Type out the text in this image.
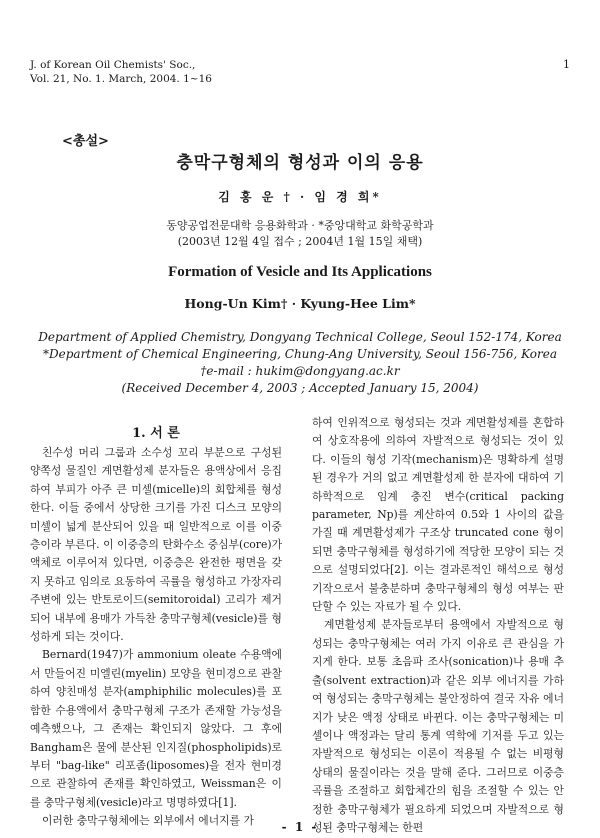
J. of Korean Oil Chemists' Soc.,
Vol. 21, No. 1. March, 2004. 1~16
1
<총설>
충막구형체의 형성과 이의 응용
김 홍 운 † · 임 경 희*
동양공업전문대학 응용화학과 · *중앙대학교 화학공학과
(2003년 12월 4일 접수 ; 2004년 1월 15일 채택)
Formation of Vesicle and Its Applications
Hong-Un Kim† · Kyung-Hee Lim*
Department of Applied Chemistry, Dongyang Technical College, Seoul 152-174, Korea
*Department of Chemical Engineering, Chung-Ang University, Seoul 156-756, Korea
†e-mail : hukim@dongyang.ac.kr
(Received December 4, 2003 ; Accepted January 15, 2004)
1. 서 론

친수성 머리 그룹과 소수성 꼬리 부분으로 구성된 양쪽성 물질인 계면활성제 분자들은 용액상에서 응집하여 부피가 아주 큰 미셀(micelle)의 회합체를 형성한다. 이들 중에서 상당한 크기를 가진 디스크 모양의 미셀이 넓게 분산되어 있을 때 일반적으로 이를 이중층이라 부른다. 이 이중층의 탄화수소 중심부(core)가 액체로 이루어져 있다면, 이중층은 완전한 평면을 갖지 못하고 임의로 요동하여 곡률을 형성하고 가장자리 주변에 있는 반토로이드(semitoroidal) 고리가 제거되어 내부에 용매가 가득찬 충막구형체(vesicle)를 형성하게 되는 것이다.

Bernard(1947)가 ammonium oleate 수용액에서 만들어진 미엘린(myelin) 모양을 현미경으로 관찰하여 양친매성 분자(amphiphilic molecules)를 포함한 수용액에서 충막구형체 구조가 존재할 가능성을 예측했으나, 그 존재는 확인되지 않았다. 그 후에 Bangham은 물에 분산된 인지질(phospholipids)로부터 "bag-like" 리포좀(liposomes)을 전자 현미경으로 관찰하여 존재를 확인하였고, Weissman은 이를 충막구형체(vesicle)라고 명명하였다[1].

이러한 충막구형체에는 외부에서 에너지를 가

하여 인위적으로 형성되는 것과 계면활성제를 혼합하여 상호작용에 의하여 자발적으로 형성되는 것이 있다. 이들의 형성 기작(mechanism)은 명확하게 설명된 경우가 거의 없고 계면활성제 한 분자에 대하여 기하학적으로 임계 충진 변수(critical packing parameter, Np)를 계산하여 0.5와 1 사이의 값을 가질 때 계면활성제가 구조상 truncated cone 형이 되면 충막구형체를 형성하기에 적당한 모양이 되는 것으로 설명되었다[2]. 이는 결과론적인 해석으로 형성 기작으로서 불충분하며 충막구형체의 형성 여부는 판단할 수 있는 자료가 될 수 있다.

계면활성제 분자들로부터 용액에서 자발적으로 형성되는 충막구형체는 여러 가지 이유로 큰 관심을 가지게 한다. 보통 초음파 조사(sonication)나 용매 추출(solvent extraction)과 같은 외부 에너지를 가하여 형성되는 충막구형체는 불안정하여 결국 자유 에너지가 낮은 액정 상태로 바뀐다. 이는 충막구형체는 미셀이나 액정과는 달리 통계 역학에 기저를 두고 있는 자발적으로 형성되는 이론이 적용될 수 없는 비평형 상태의 물질이라는 것을 말해 준다. 그러므로 이중층 곡률을 조절하고 회합체간의 힘을 조절할 수 있는 안정한 충막구형체가 필요하게 되었으며 자발적으로 형성된 충막구형체는 한편

- 1 -
